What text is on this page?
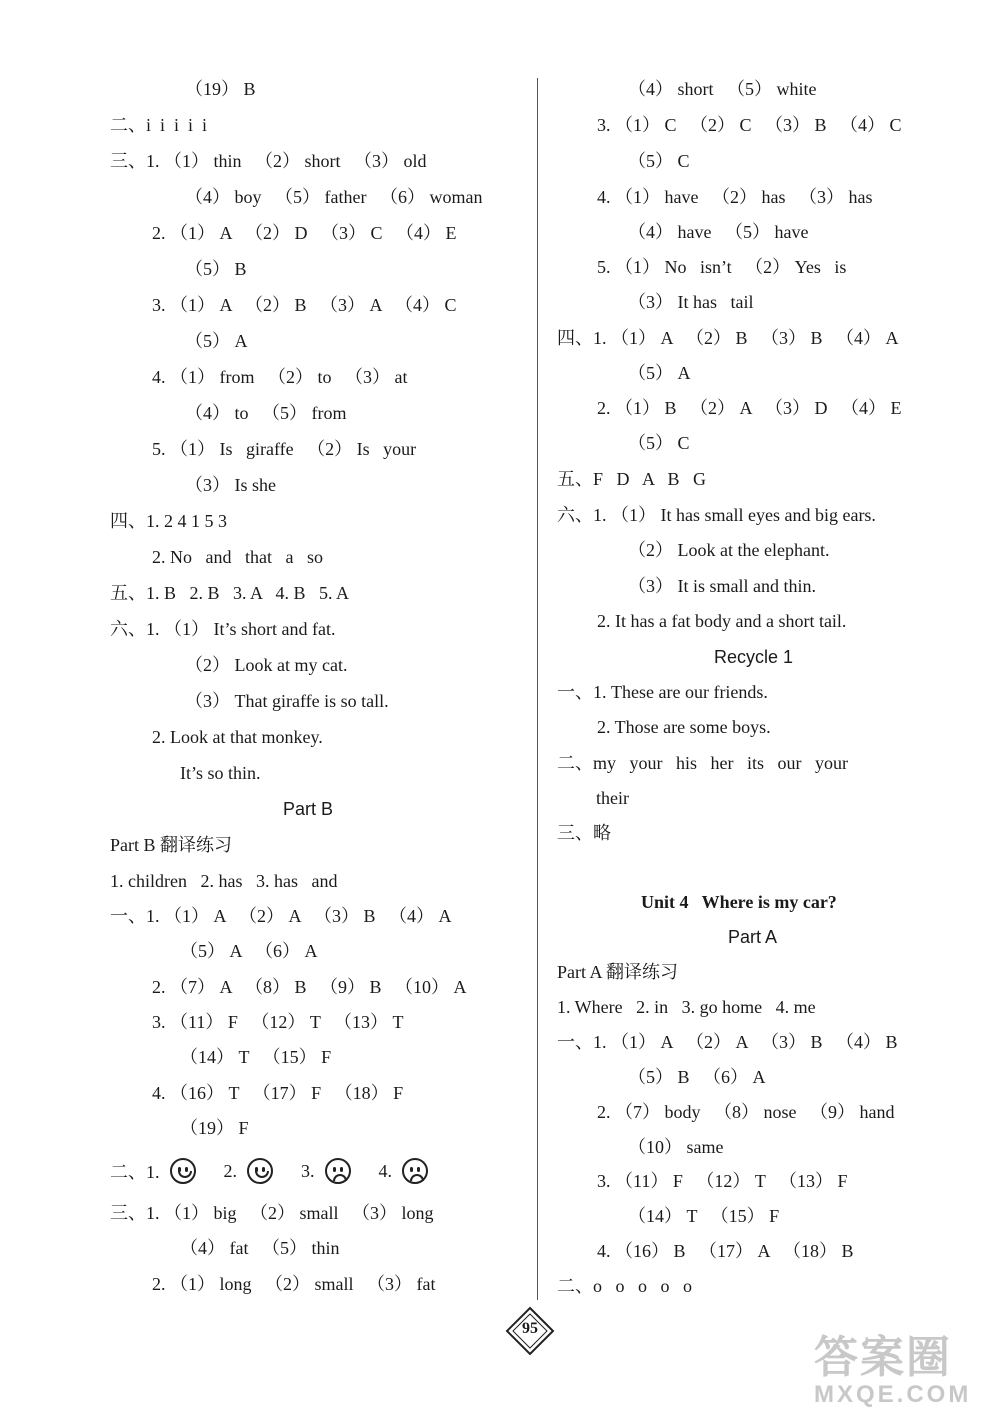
（19） B
二、i  i  i  i  i
三、1. （1） thin   （2） short   （3） old
（4） boy   （5） father   （6） woman
2. （1） A   （2） D   （3） C   （4） E
（5） B
3. （1） A   （2） B   （3） A   （4） C
（5） A
4. （1） from   （2） to   （3） at
（4） to   （5） from
5. （1） Is   giraffe   （2） Is   your
（3） Is she
四、1. 2 4 1 5 3
2. No   and   that   a   so
五、1. B   2. B   3. A   4. B   5. A
六、1. （1） It’s short and fat.
（2） Look at my cat.
（3） That giraffe is so tall.
2. Look at that monkey.
It’s so thin.
Part B 翻译练习
1. children   2. has   3. has   and
一、1. （1） A   （2） A   （3） B   （4） A
（5） A   （6） A
2. （7） A   （8） B   （9） B   （10） A
3. （11） F   （12） T   （13） T
（14） T   （15） F
4. （16） T   （17） F   （18） F
（19） F
三、1. （1） big   （2） small   （3） long
（4） fat   （5） thin
2. （1） long   （2） small   （3） fat
（4） short   （5） white
3. （1） C   （2） C   （3） B   （4） C
（5） C
4. （1） have   （2） has   （3） has
（4） have   （5） have
5. （1） No   isn’t   （2） Yes   is
（3） It has   tail
四、1. （1） A   （2） B   （3） B   （4） A
（5） A
2. （1） B   （2） A   （3） D   （4） E
（5） C
五、F   D   A   B   G
六、1. （1） It has small eyes and big ears.
（2） Look at the elephant.
（3） It is small and thin.
2. It has a fat body and a short tail.
一、1. These are our friends.
2. Those are some boys.
二、my   your   his   her   its   our   your
their
三、略
Part A 翻译练习
1. Where   2. in   3. go home   4. me
一、1. （1） A   （2） A   （3） B   （4） B
（5） B   （6） A
2. （7） body   （8） nose   （9） hand
（10） same
3. （11） F   （12） T   （13） F
（14） T   （15） F
4. （16） B   （17） A   （18） B
二、o   o   o   o   o
Part B
二、1.	2.	3.	4.
Recycle 1
Unit 4   Where is my car?
Part A
95
答案圈
MXQE.COM
